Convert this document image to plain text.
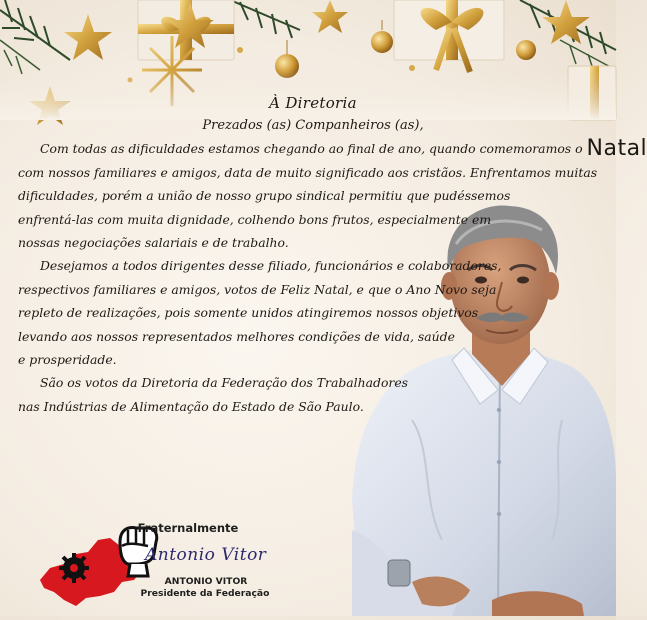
À Diretoria
Prezados (as) Companheiros (as),
Com todas as dificuldades estamos chegando ao final de ano, quando comemoramos o Natal
com nossos familiares e amigos, data de muito significado aos cristãos. Enfrentamos muitas
dificuldades, porém a união de nosso grupo sindical permitiu que pudéssemos
enfrentá-las com muita dignidade, colhendo bons frutos, especialmente em
nossas negociações salariais e de trabalho.
Desejamos a todos dirigentes desse filiado, funcionários e colaboradores,
respectivos familiares e amigos, votos de Feliz Natal, e que o Ano Novo seja
repleto de realizações, pois somente unidos atingiremos nossos objetivos
levando aos nossos representados melhores condições de vida, saúde
e prosperidade.
São os votos da Diretoria da Federação dos Trabalhadores
nas Indústrias de Alimentação do Estado de São Paulo.
Fraternalmente
Antonio Vitor
ANTONIO VITOR
Presidente da Federação
